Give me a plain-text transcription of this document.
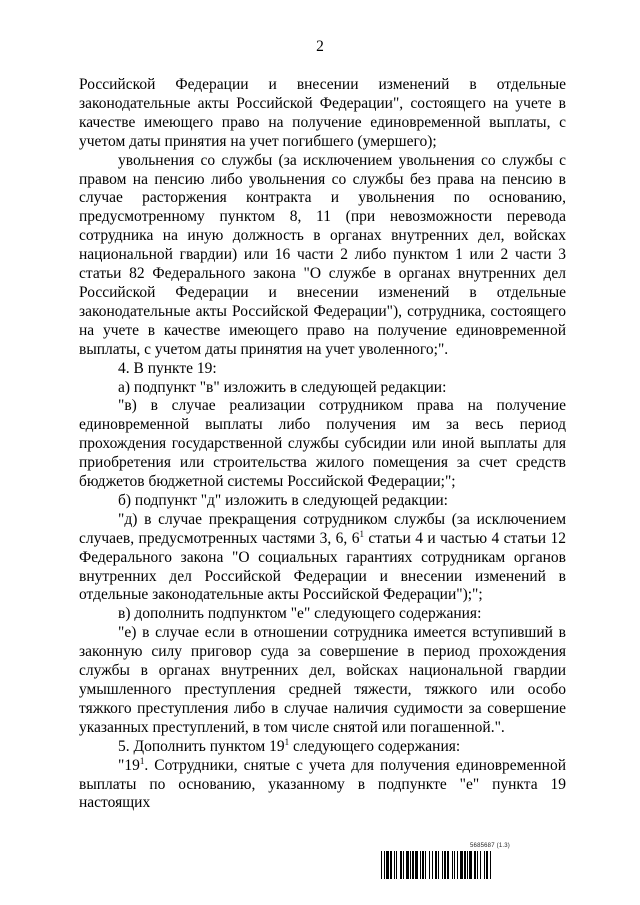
2

Российской Федерации и внесении изменений в отдельные законодательные акты Российской Федерации", состоящего на учете в качестве имеющего право на получение единовременной выплаты, с учетом даты принятия на учет погибшего (умершего);

увольнения со службы (за исключением увольнения со службы с правом на пенсию либо увольнения со службы без права на пенсию в случае расторжения контракта и увольнения по основанию, предусмотренному пунктом 8, 11 (при невозможности перевода сотрудника на иную должность в органах внутренних дел, войсках национальной гвардии) или 16 части 2 либо пунктом 1 или 2 части 3 статьи 82 Федерального закона "О службе в органах внутренних дел Российской Федерации и внесении изменений в отдельные законодательные акты Российской Федерации"), сотрудника, состоящего на учете в качестве имеющего право на получение единовременной выплаты, с учетом даты принятия на учет уволенного;".

4. В пункте 19:

а) подпункт "в" изложить в следующей редакции:

"в) в случае реализации сотрудником права на получение единовременной выплаты либо получения им за весь период прохождения государственной службы субсидии или иной выплаты для приобретения или строительства жилого помещения за счет средств бюджетов бюджетной системы Российской Федерации;";

б) подпункт "д" изложить в следующей редакции:

"д) в случае прекращения сотрудником службы (за исключением случаев, предусмотренных частями 3, 6, $6^1$ статьи 4 и частью 4 статьи 12 Федерального закона "О социальных гарантиях сотрудникам органов внутренних дел Российской Федерации и внесении изменений в отдельные законодательные акты Российской Федерации");";

в) дополнить подпунктом "е" следующего содержания:

"е) в случае если в отношении сотрудника имеется вступивший в законную силу приговор суда за совершение в период прохождения службы в органах внутренних дел, войсках национальной гвардии умышленного преступления средней тяжести, тяжкого или особо тяжкого преступления либо в случае наличия судимости за совершение указанных преступлений, в том числе снятой или погашенной.".

5. Дополнить пунктом $19^1$ следующего содержания:

"$19^1$. Сотрудники, снятые с учета для получения единовременной выплаты по основанию, указанному в подпункте "е" пункта 19 настоящих

5685687 (1.3)
